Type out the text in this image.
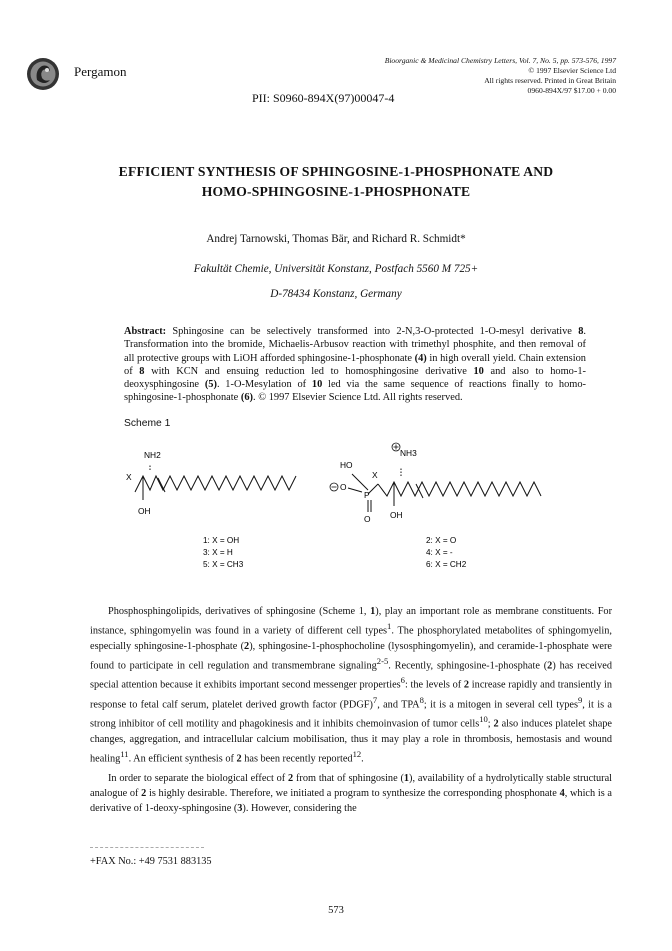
Pergamon
Bioorganic & Medicinal Chemistry Letters, Vol. 7, No. 5, pp. 573-576, 1997
© 1997 Elsevier Science Ltd
All rights reserved. Printed in Great Britain
0960-894X/97 $17.00 + 0.00
PII: S0960-894X(97)00047-4
EFFICIENT SYNTHESIS OF SPHINGOSINE-1-PHOSPHONATE AND
HOMO-SPHINGOSINE-1-PHOSPHONATE
Andrej Tarnowski, Thomas Bär, and Richard R. Schmidt*
Fakultät Chemie, Universität Konstanz, Postfach 5560 M 725+
D-78434 Konstanz, Germany
Abstract: Sphingosine can be selectively transformed into 2-N,3-O-protected 1-O-mesyl derivative 8. Transformation into the bromide, Michaelis-Arbusov reaction with trimethyl phosphite, and then removal of all protective groups with LiOH afforded sphingosine-1-phosphonate (4) in high overall yield. Chain extension of 8 with KCN and ensuing reduction led to homosphingosine derivative 10 and also to homo-1-deoxysphingosine (5). 1-O-Mesylation of 10 led via the same sequence of reactions finally to homo-sphingosine-1-phosphonate (6). © 1997 Elsevier Science Ltd. All rights reserved.
Scheme 1
NH2
X
OH
NH3
HO
X
O
P
O OH
1: X = OH
3: X = H
5: X = CH3
2: X = O
4: X = -
6: X = CH2
Phosphosphingolipids, derivatives of sphingosine (Scheme 1, 1), play an important role as membrane constituents. For instance, sphingomyelin was found in a variety of different cell types$^1$. The phosphorylated metabolites of sphingomyelin, especially sphingosine-1-phosphate (2), sphingosine-1-phosphocholine (lysosphingomyelin), and ceramide-1-phosphate were found to participate in cell regulation and transmembrane signaling$^{2-5}$. Recently, sphingosine-1-phosphate (2) has received special attention because it exhibits important second messenger properties$^6$: the levels of 2 increase rapidly and transiently in response to fetal calf serum, platelet derived growth factor (PDGF)$^7$, and TPA$^8$; it is a mitogen in several cell types$^9$, it is a strong inhibitor of cell motility and phagokinesis and it inhibits chemoinvasion of tumor cells$^{10}$; 2 also induces platelet shape changes, aggregation, and intracellular calcium mobilisation, thus it may play a role in thrombosis, hemostasis and wound healing$^{11}$. An efficient synthesis of 2 has been recently reported$^{12}$.
In order to separate the biological effect of 2 from that of sphingosine (1), availability of a hydrolytically stable structural analogue of 2 is highly desirable. Therefore, we initiated a program to synthesize the corresponding phosphonate 4, which is a derivative of 1-deoxy-sphingosine (3). However, considering the
+FAX No.: +49 7531 883135
573
